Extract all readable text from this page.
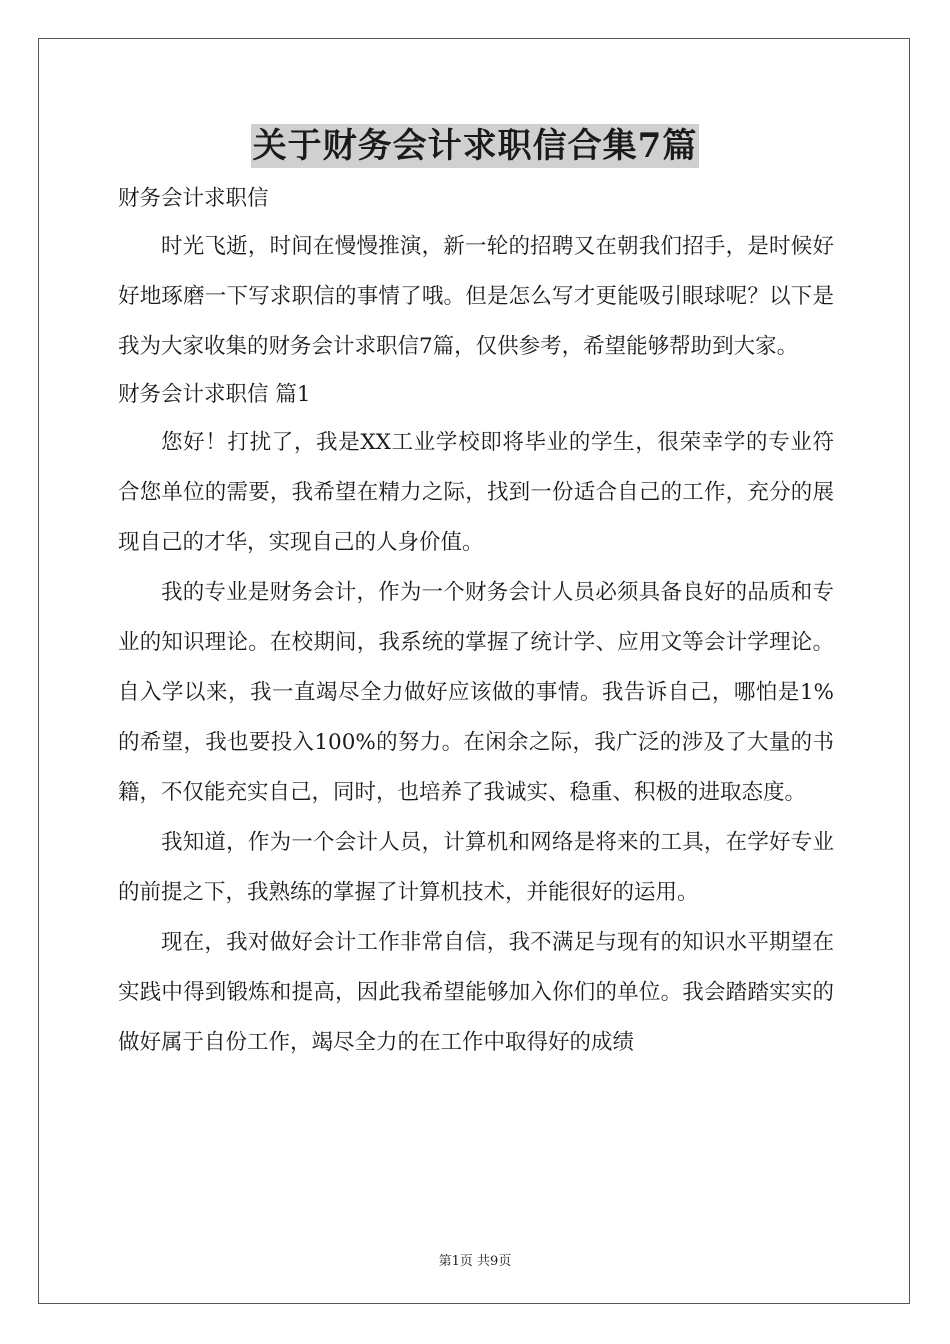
关于财务会计求职信合集7篇

财务会计求职信

时光飞逝，时间在慢慢推演，新一轮的招聘又在朝我们招手，是时候好好地琢磨一下写求职信的事情了哦。但是怎么写才更能吸引眼球呢？以下是我为大家收集的财务会计求职信7篇，仅供参考，希望能够帮助到大家。

财务会计求职信 篇1

您好！打扰了，我是XX工业学校即将毕业的学生，很荣幸学的专业符合您单位的需要，我希望在精力之际，找到一份适合自己的工作，充分的展现自己的才华，实现自己的人身价值。

我的专业是财务会计，作为一个财务会计人员必须具备良好的品质和专业的知识理论。在校期间，我系统的掌握了统计学、应用文等会计学理论。自入学以来，我一直竭尽全力做好应该做的事情。我告诉自己，哪怕是1%的希望，我也要投入100%的努力。在闲余之际，我广泛的涉及了大量的书籍，不仅能充实自己，同时，也培养了我诚实、稳重、积极的进取态度。

我知道，作为一个会计人员，计算机和网络是将来的工具，在学好专业的前提之下，我熟练的掌握了计算机技术，并能很好的运用。

现在，我对做好会计工作非常自信，我不满足与现有的知识水平期望在实践中得到锻炼和提高，因此我希望能够加入你们的单位。我会踏踏实实的做好属于自份工作，竭尽全力的在工作中取得好的成绩

第1页 共9页
